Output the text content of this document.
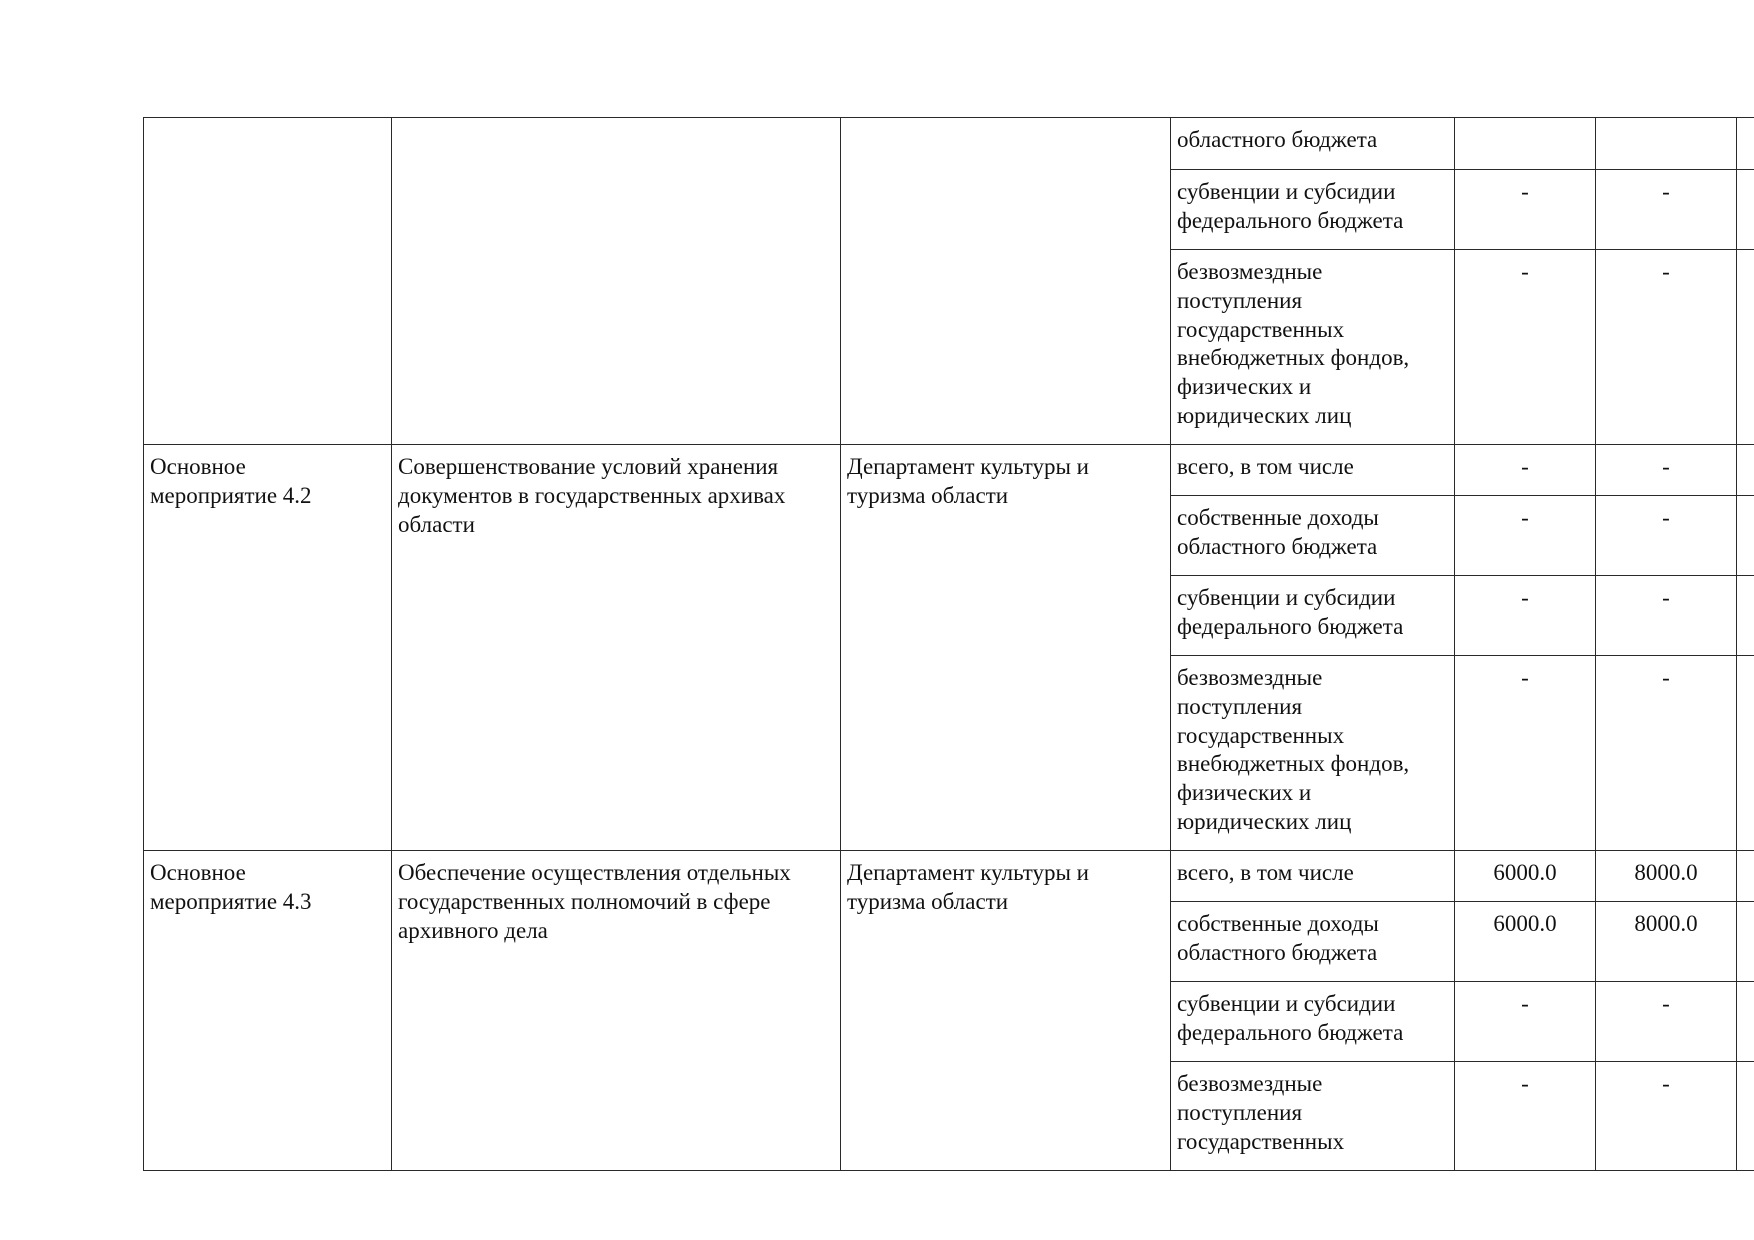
			областного бюджета			

			субвенции и субсидии федерального бюджета	-	-	

			безвозмездные поступления государственных внебюджетных фондов, физических и юридических лиц	-	-	

Основное мероприятие 4.2	Совершенствование условий хранения документов в государственных архивах области	Департамент культуры и туризма области	всего, в том числе	-	-	

			собственные доходы областного бюджета	-	-	

			субвенции и субсидии федерального бюджета	-	-	

			безвозмездные поступления государственных внебюджетных фондов, физических и юридических лиц	-	-	

Основное мероприятие 4.3	Обеспечение осуществления отдельных государственных полномочий в сфере архивного дела	Департамент культуры и туризма области	всего, в том числе	6000.0	8000.0	

			собственные доходы областного бюджета	6000.0	8000.0	

			субвенции и субсидии федерального бюджета	-	-	

			безвозмездные поступления государственных	-	-	
